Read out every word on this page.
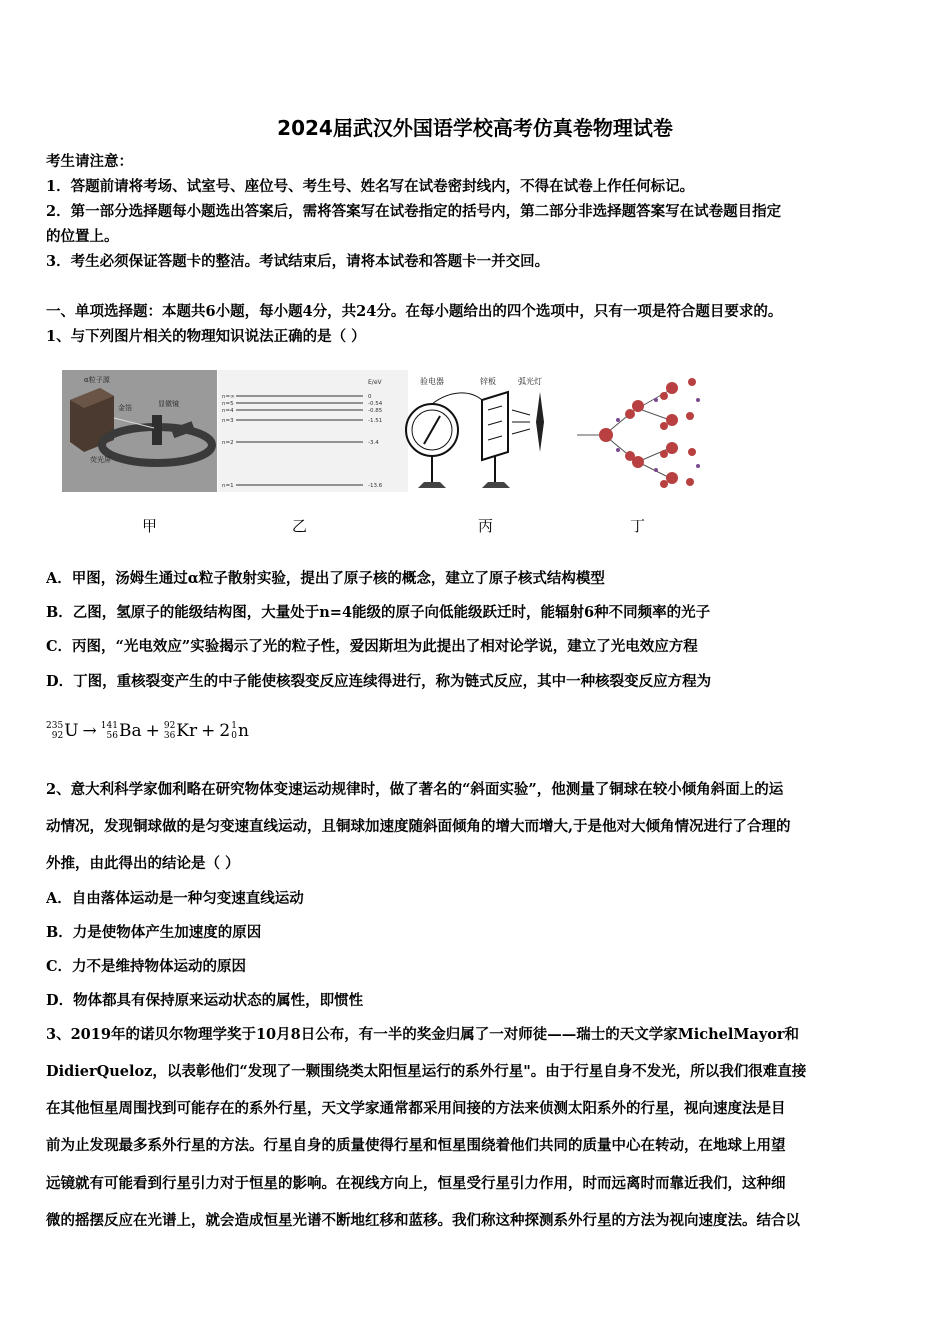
2024届武汉外国语学校高考仿真卷物理试卷
考生请注意：
1．答题前请将考场、试室号、座位号、考生号、姓名写在试卷密封线内，不得在试卷上作任何标记。
2．第一部分选择题每小题选出答案后，需将答案写在试卷指定的括号内，第二部分非选择题答案写在试卷题目指定
的位置上。
3．考生必须保证答题卡的整洁。考试结束后，请将本试卷和答题卡一并交回。
一、单项选择题：本题共6小题，每小题4分，共24分。在每小题给出的四个选项中，只有一项是符合题目要求的。
1、与下列图片相关的物理知识说法正确的是（ ）
α粒子源
金箔	显微镜
荧光屏
E/eV
n=∞
n=5
n=4
n=3
n=2
n=1
0
-0.54
-0.85
-1.51
-3.4
-13.6
验电器	锌板	弧光灯
甲	乙	丙	丁
A．甲图，汤姆生通过α粒子散射实验，提出了原子核的概念，建立了原子核式结构模型
B．乙图，氢原子的能级结构图，大量处于n=4能级的原子向低能级跃迁时，能辐射6种不同频率的光子
C．丙图，“光电效应”实验揭示了光的粒子性，爱因斯坦为此提出了相对论学说，建立了光电效应方程
D．丁图，重核裂变产生的中子能使核裂变反应连续得进行，称为链式反应，其中一种核裂变反应方程为
235
92 U → 141
56 Ba + 92
36 Kr + 2 1
0 n
2、意大利科学家伽利略在研究物体变速运动规律时，做了著名的“斜面实验”，他测量了铜球在较小倾角斜面上的运
动情况，发现铜球做的是匀变速直线运动，且铜球加速度随斜面倾角的增大而增大,于是他对大倾角情况进行了合理的
外推，由此得出的结论是（ ）
A．自由落体运动是一种匀变速直线运动
B．力是使物体产生加速度的原因
C．力不是维持物体运动的原因
D．物体都具有保持原来运动状态的属性，即惯性
3、2019年的诺贝尔物理学奖于10月8日公布，有一半的奖金归属了一对师徒——瑞士的天文学家MichelMayor和
DidierQueloz，以表彰他们“发现了一颗围绕类太阳恒星运行的系外行星"。由于行星自身不发光，所以我们很难直接
在其他恒星周围找到可能存在的系外行星，天文学家通常都采用间接的方法来侦测太阳系外的行星，视向速度法是目
前为止发现最多系外行星的方法。行星自身的质量使得行星和恒星围绕着他们共同的质量中心在转动，在地球上用望
远镜就有可能看到行星引力对于恒星的影响。在视线方向上，恒星受行星引力作用，时而远离时而靠近我们，这种细
微的摇摆反应在光谱上，就会造成恒星光谱不断地红移和蓝移。我们称这种探测系外行星的方法为视向速度法。结合以
